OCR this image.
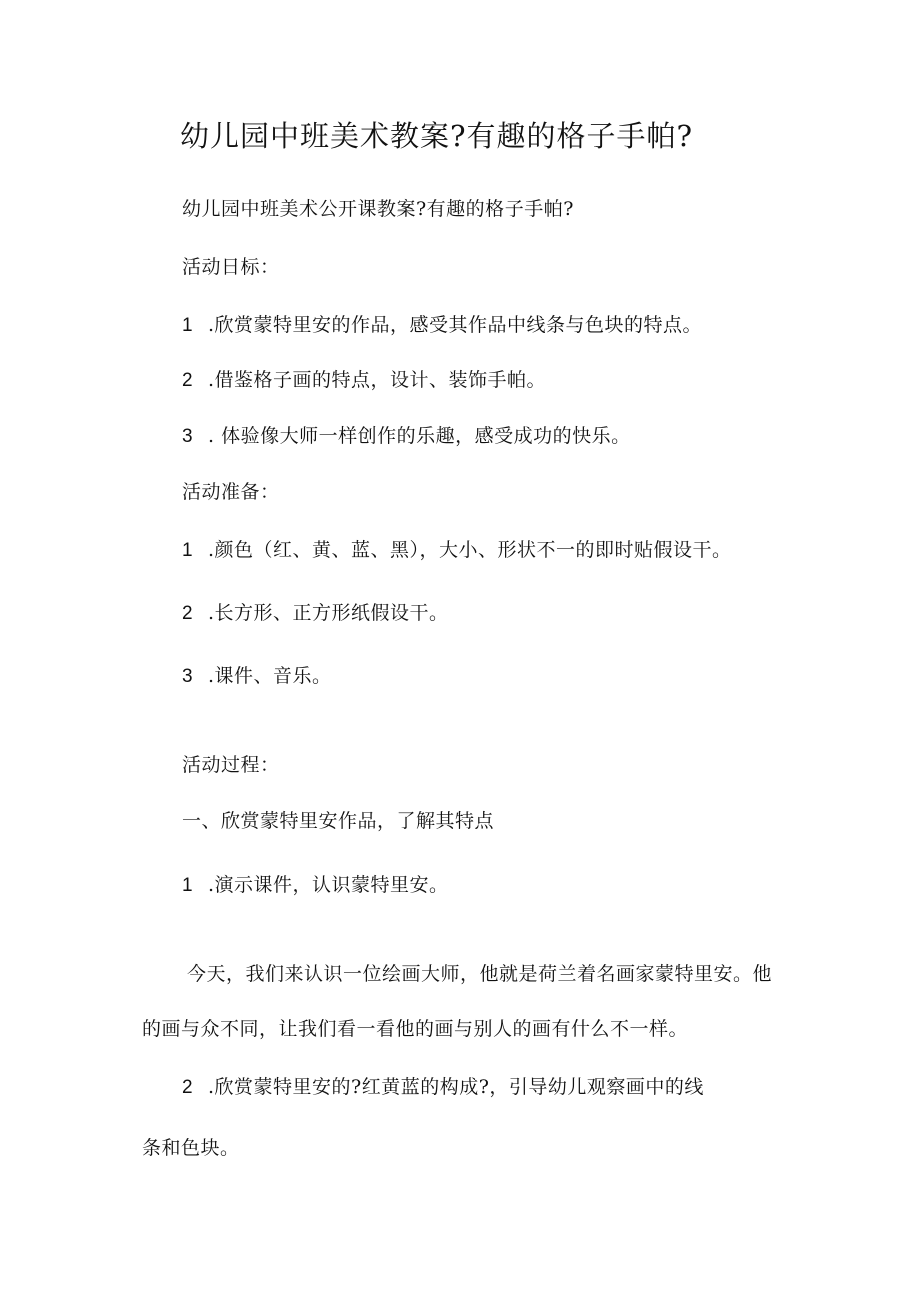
幼儿园中班美术教案?有趣的格子手帕?
幼儿园中班美术公开课教案?有趣的格子手帕?
活动日标：
1 .欣赏蒙特里安的作品，感受其作品中线条与色块的特点。
2 .借鉴格子画的特点，设计、装饰手帕。
3 . 体验像大师一样创作的乐趣，感受成功的快乐。
活动准备：
1 .颜色（红、黄、蓝、黑），大小、形状不一的即时贴假设干。
2 .长方形、正方形纸假设干。
3 .课件、音乐。
活动过程：
一、欣赏蒙特里安作品，了解其特点
1 .演示课件，认识蒙特里安。
今天，我们来认识一位绘画大师，他就是荷兰着名画家蒙特里安。他
的画与众不同，让我们看一看他的画与别人的画有什么不一样。
2 .欣赏蒙特里安的?红黄蓝的构成?，引导幼儿观察画中的线
条和色块。
